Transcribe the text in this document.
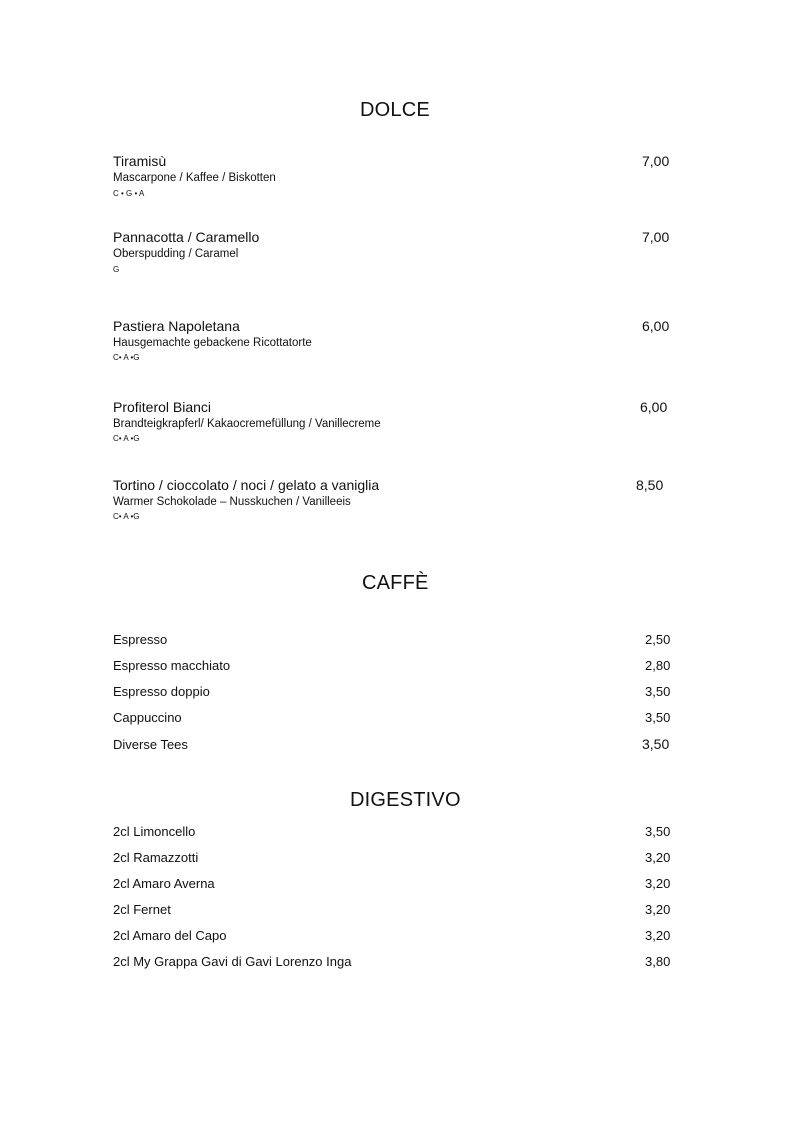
DOLCE
Tiramisù
Mascarpone / Kaffee / Biskotten
C • G • A
7,00
Pannacotta / Caramello
Oberspudding / Caramel
G
7,00
Pastiera Napoletana
Hausgemachte gebackene Ricottatorte
C• A •G
6,00
Profiterol Bianci
Brandteigkrapferl/ Kakaocremefüllung / Vanillecreme
C• A •G
6,00
Tortino / cioccolato / noci / gelato a vaniglia
Warmer Schokolade – Nusskuchen / Vanilleeis
C• A •G
8,50
CAFFÈ
Espresso	2,50
Espresso macchiato	2,80
Espresso doppio	3,50
Cappuccino	3,50
Diverse Tees	3,50
DIGESTIVO
2cl Limoncello	3,50
2cl Ramazzotti	3,20
2cl Amaro Averna	3,20
2cl Fernet	3,20
2cl Amaro del Capo	3,20
2cl My Grappa Gavi di Gavi Lorenzo Inga	3,80
